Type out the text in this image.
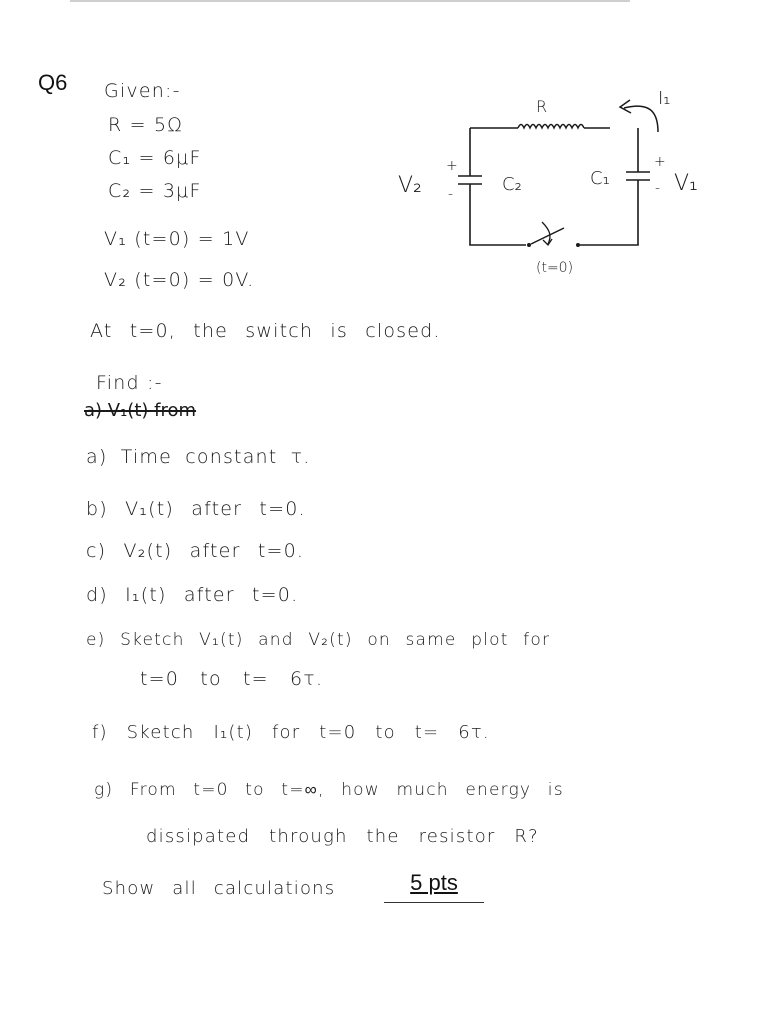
Q6 Given:-
R = 5Ω
C₁ = 6μF
C₂ = 3μF
V₁ (t=0) = 1V
V₂ (t=0) = 0V.
At t=0, the switch is closed.
Find :-
a) V₁(t) from
a) Time constant τ.
b) V₁(t) after t=0.
c) V₂(t) after t=0.
d) I₁(t) after t=0.
e) Sketch V₁(t) and V₂(t) on same plot for
t=0 to t= 6τ.
f) Sketch I₁(t) for t=0 to t= 6τ.
g) From t=0 to t=∞, how much energy is
dissipated through the resistor R?
Show all calculations	5 pts
R	I₁
+
-
V₂	C₂
+
-
C₁	V₁
(t=0)
